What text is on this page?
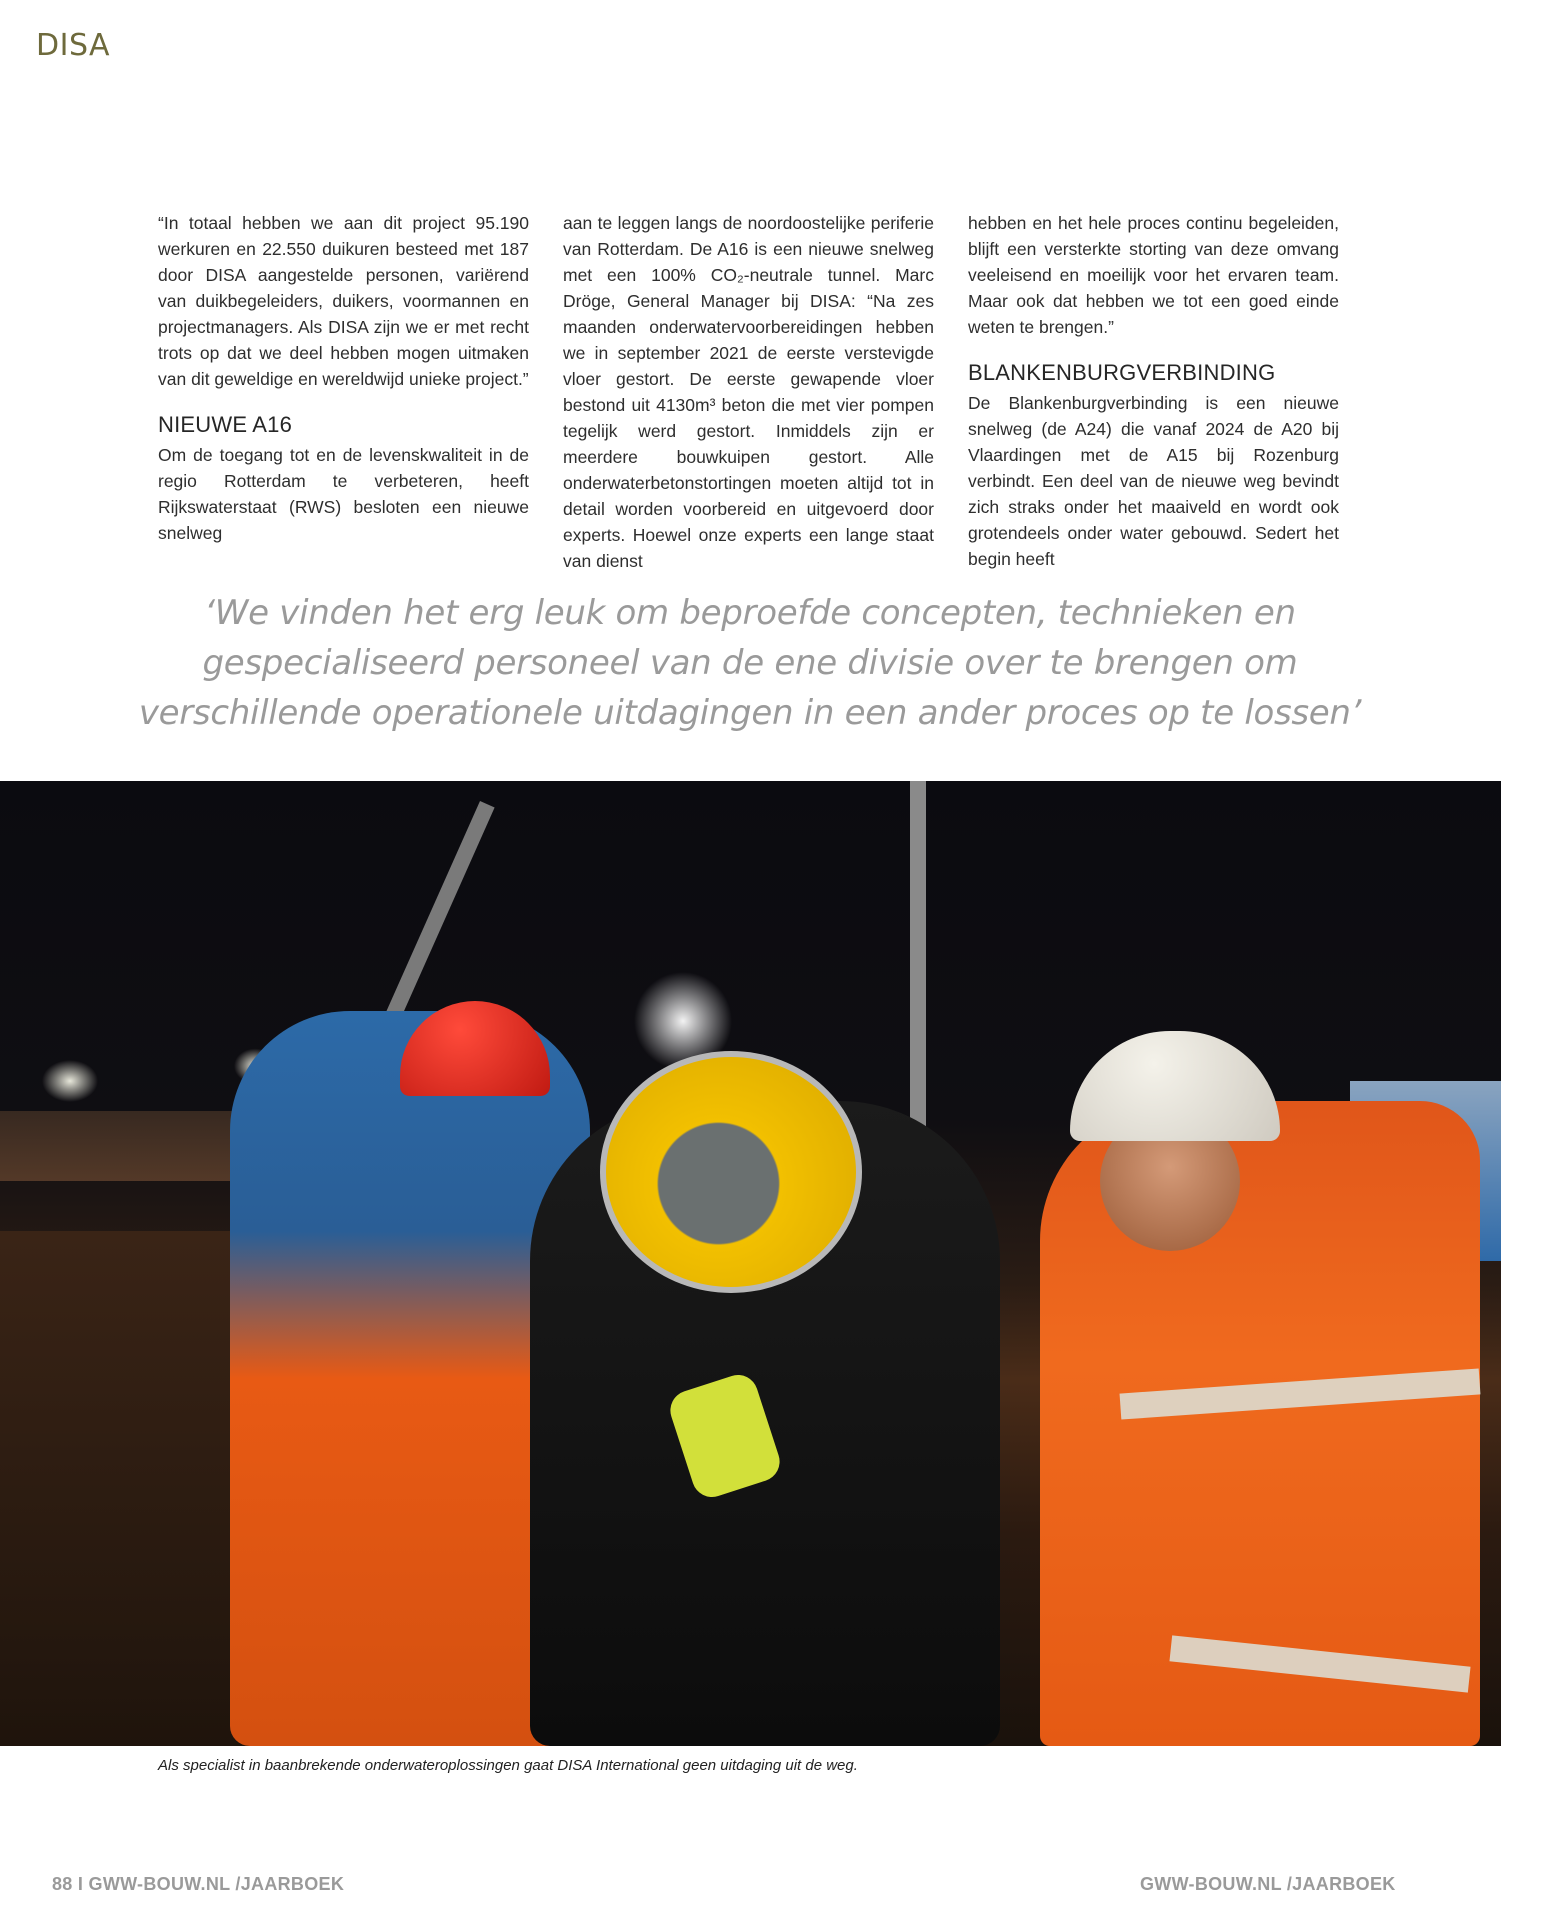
DISA

“In totaal hebben we aan dit project 95.190 werkuren en 22.550 duikuren besteed met 187 door DISA aangestelde personen, variërend van duikbegeleiders, duikers, voormannen en projectmanagers. Als DISA zijn we er met recht trots op dat we deel hebben mogen uitmaken van dit geweldige en wereldwijd unieke project.”

NIEUWE A16

Om de toegang tot en de levenskwaliteit in de regio Rotterdam te verbeteren, heeft Rijkswaterstaat (RWS) besloten een nieuwe snelweg

aan te leggen langs de noordoostelijke periferie van Rotterdam. De A16 is een nieuwe snelweg met een 100% CO₂-neutrale tunnel. Marc Dröge, General Manager bij DISA: “Na zes maanden onderwatervoorbereidingen hebben we in september 2021 de eerste verstevigde vloer gestort. De eerste gewapende vloer bestond uit 4130m³ beton die met vier pompen tegelijk werd gestort. Inmiddels zijn er meerdere bouwkuipen gestort. Alle onderwaterbetonstortingen moeten altijd tot in detail worden voorbereid en uitgevoerd door experts. Hoewel onze experts een lange staat van dienst

hebben en het hele proces continu begeleiden, blijft een versterkte storting van deze omvang veeleisend en moeilijk voor het ervaren team. Maar ook dat hebben we tot een goed einde weten te brengen.”

BLANKENBURGVERBINDING

De Blankenburgverbinding is een nieuwe snelweg (de A24) die vanaf 2024 de A20 bij Vlaardingen met de A15 bij Rozenburg verbindt. Een deel van de nieuwe weg bevindt zich straks onder het maaiveld en wordt ook grotendeels onder water gebouwd. Sedert het begin heeft

‘We vinden het erg leuk om beproefde concepten, technieken en
gespecialiseerd personeel van de ene divisie over te brengen om
verschillende operationele uitdagingen in een ander proces op te lossen’
Als specialist in baanbrekende onderwateroplossingen gaat DISA International geen uitdaging uit de weg.
88 I GWW-BOUW.NL /JAARBOEK	GWW-BOUW.NL /JAARBOEK
